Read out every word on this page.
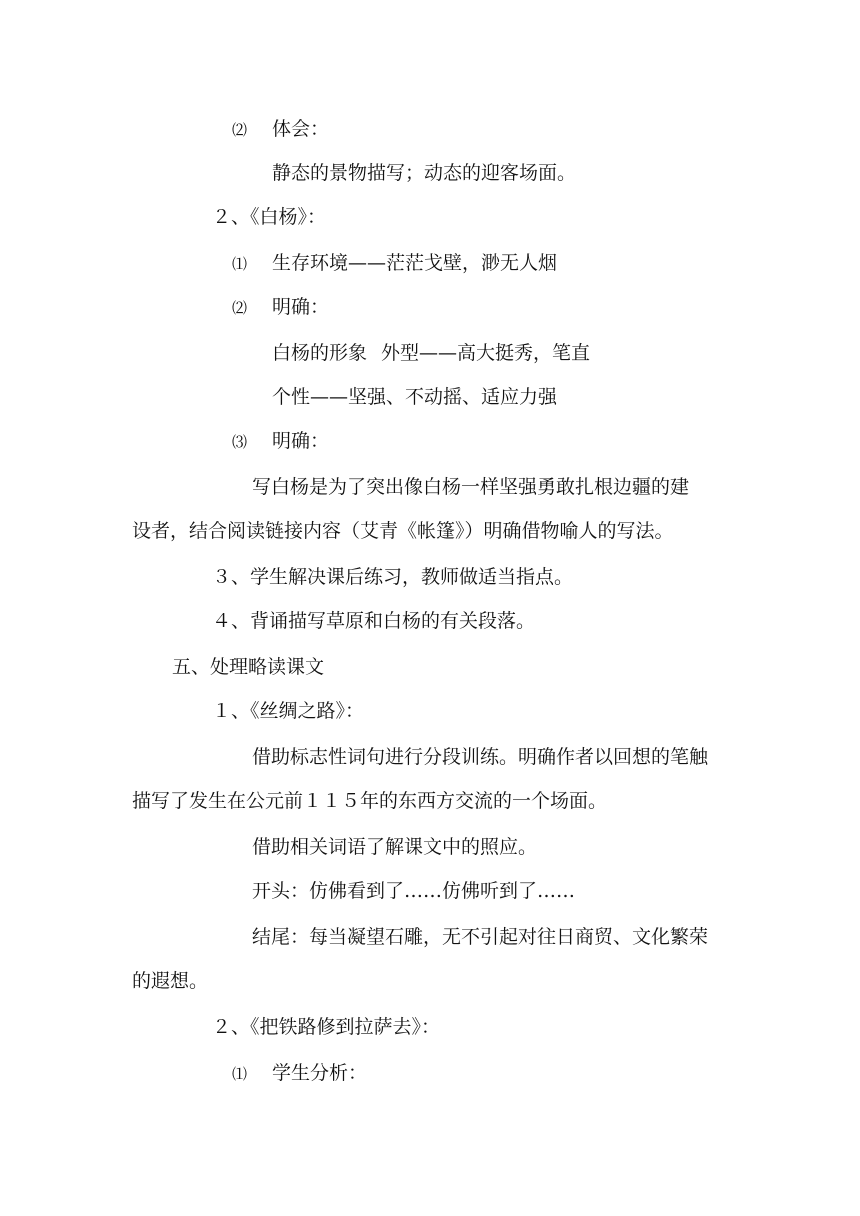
⑵ 体会：
静态的景物描写；动态的迎客场面。
２、《白杨》：
⑴ 生存环境——茫茫戈壁，渺无人烟
⑵ 明确：
白杨的形象 外型——高大挺秀，笔直
个性——坚强、不动摇、适应力强
⑶ 明确：
写白杨是为了突出像白杨一样坚强勇敢扎根边疆的建
设者，结合阅读链接内容（艾青《帐篷》）明确借物喻人的写法。
３、学生解决课后练习，教师做适当指点。
４、背诵描写草原和白杨的有关段落。
五、处理略读课文
１、《丝绸之路》：
借助标志性词句进行分段训练。明确作者以回想的笔触
描写了发生在公元前１１５年的东西方交流的一个场面。
借助相关词语了解课文中的照应。
开头：仿佛看到了……仿佛听到了……
结尾：每当凝望石雕，无不引起对往日商贸、文化繁荣
的遐想。
２、《把铁路修到拉萨去》：
⑴ 学生分析：
